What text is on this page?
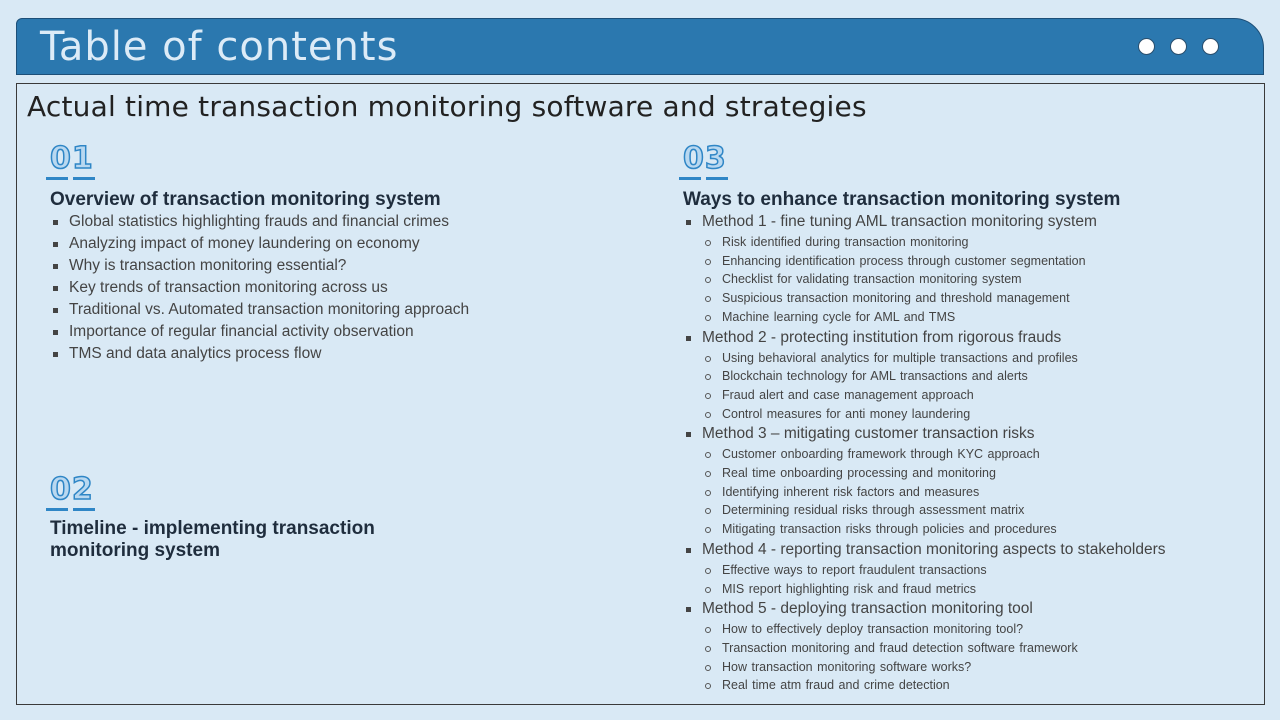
Table of contents
Actual time transaction monitoring software and strategies
01
Overview of transaction monitoring system
Global statistics highlighting frauds and financial crimes
Analyzing impact of money laundering on economy
Why is transaction monitoring essential?
Key trends of transaction monitoring across us
Traditional vs. Automated transaction monitoring approach
Importance of regular financial activity observation
TMS and data analytics process flow
02
Timeline - implementing transaction
monitoring system
03
Ways to enhance transaction monitoring system
Method 1 - fine tuning AML transaction monitoring system
Risk identified during transaction monitoring
Enhancing identification process through customer segmentation
Checklist for validating transaction monitoring system
Suspicious transaction monitoring and threshold management
Machine learning cycle for AML and TMS
Method 2 - protecting institution from rigorous frauds
Using behavioral analytics for multiple transactions and profiles
Blockchain technology for AML transactions and alerts
Fraud alert and case management approach
Control measures for anti money laundering
Method 3 – mitigating customer transaction risks
Customer onboarding framework through KYC approach
Real time onboarding processing and monitoring
Identifying inherent risk factors and measures
Determining residual risks through assessment matrix
Mitigating transaction risks through policies and procedures
Method 4 - reporting transaction monitoring aspects to stakeholders
Effective ways to report fraudulent transactions
MIS report highlighting risk and fraud metrics
Method 5 - deploying transaction monitoring tool
How to effectively deploy transaction monitoring tool?
Transaction monitoring and fraud detection software framework
How transaction monitoring software works?
Real time atm fraud and crime detection
